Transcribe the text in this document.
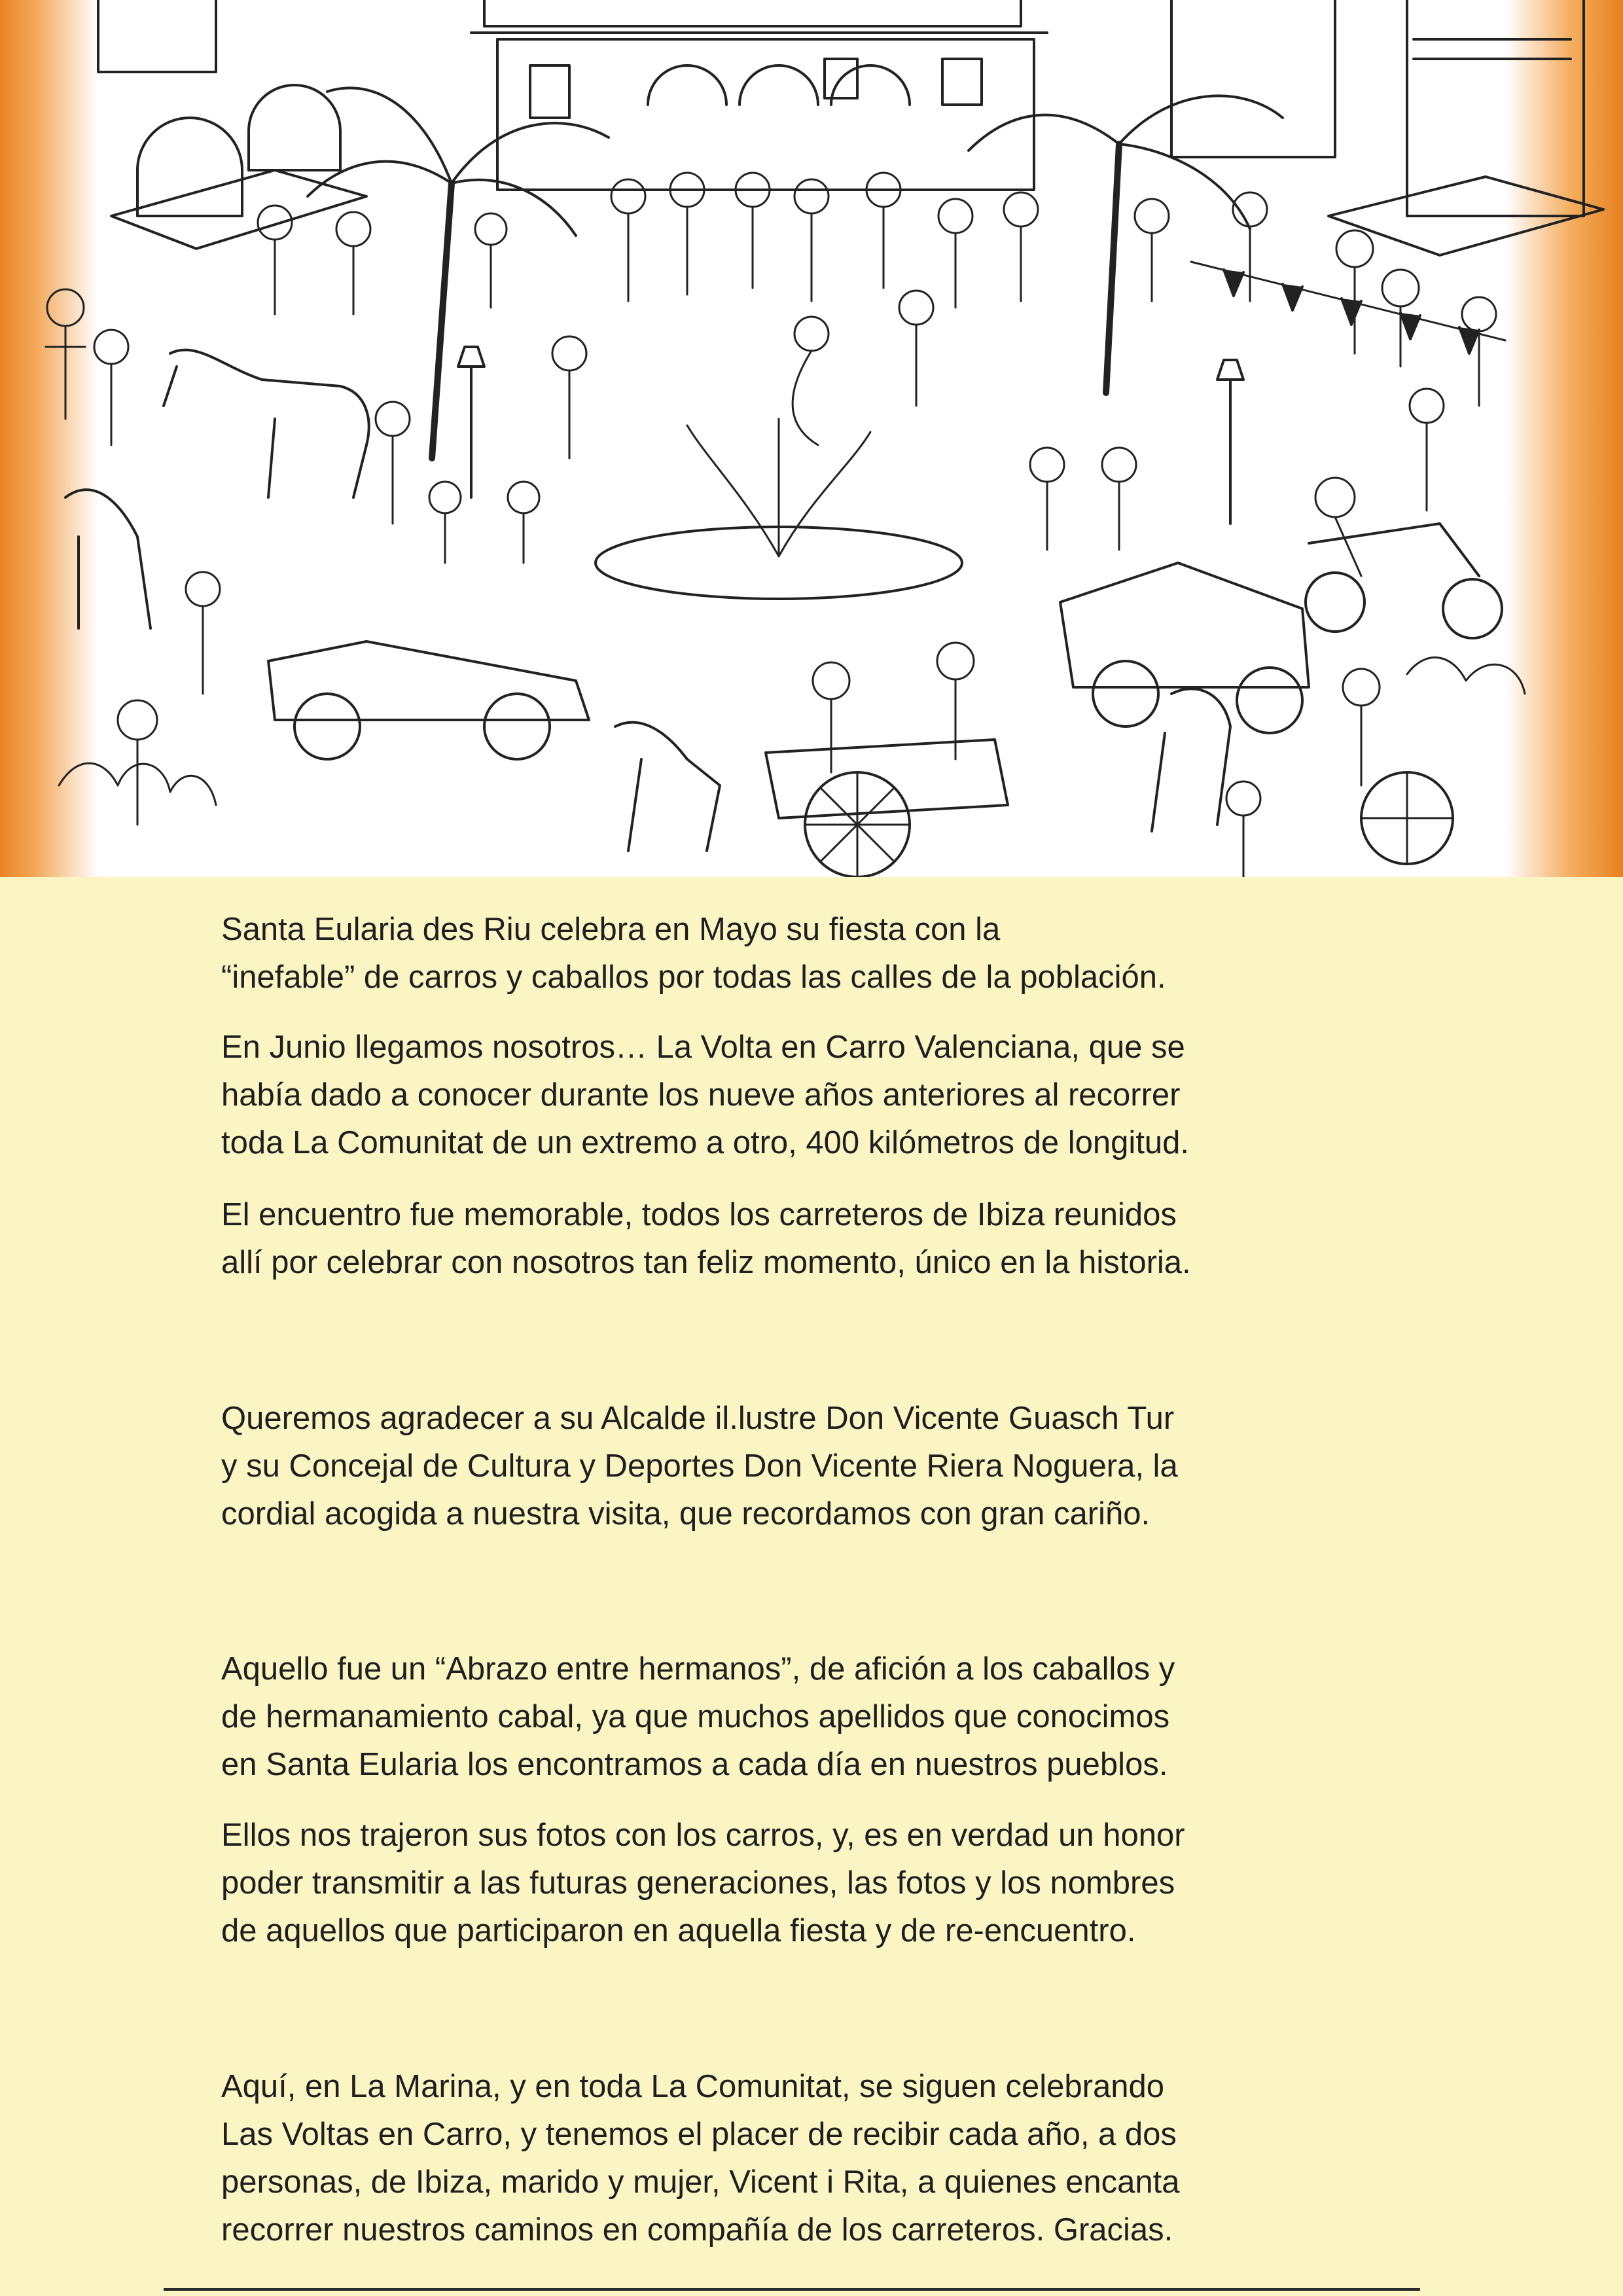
Santa Eularia des Riu celebra en Mayo su fiesta con la
“inefable” de carros y caballos por todas las calles de la población.

En Junio llegamos nosotros… La Volta en Carro Valenciana, que se
había dado a conocer durante los nueve años anteriores al recorrer
toda La Comunitat de un extremo a otro, 400 kilómetros de longitud.

El encuentro fue memorable, todos los carreteros de Ibiza reunidos
allí por celebrar con nosotros tan feliz momento, único en la historia.

Queremos agradecer a su Alcalde il.lustre Don Vicente Guasch Tur
y su Concejal de Cultura y Deportes Don Vicente Riera Noguera, la
cordial acogida a nuestra visita, que recordamos con gran cariño.

Aquello fue un “Abrazo entre hermanos”, de afición a los caballos y
de hermanamiento cabal, ya que muchos apellidos que conocimos
en Santa Eularia los encontramos a cada día en nuestros pueblos.

Ellos nos trajeron sus fotos con los carros, y, es en verdad un honor
poder transmitir a las futuras generaciones, las fotos y los nombres
de aquellos que participaron en aquella fiesta y de re-encuentro.

Aquí, en La Marina, y en toda La Comunitat, se siguen celebrando
Las Voltas en Carro, y tenemos el placer de recibir cada año, a dos
personas, de Ibiza, marido y mujer, Vicent i Rita, a quienes encanta
recorrer nuestros caminos en compañía de los carreteros. Gracias.
